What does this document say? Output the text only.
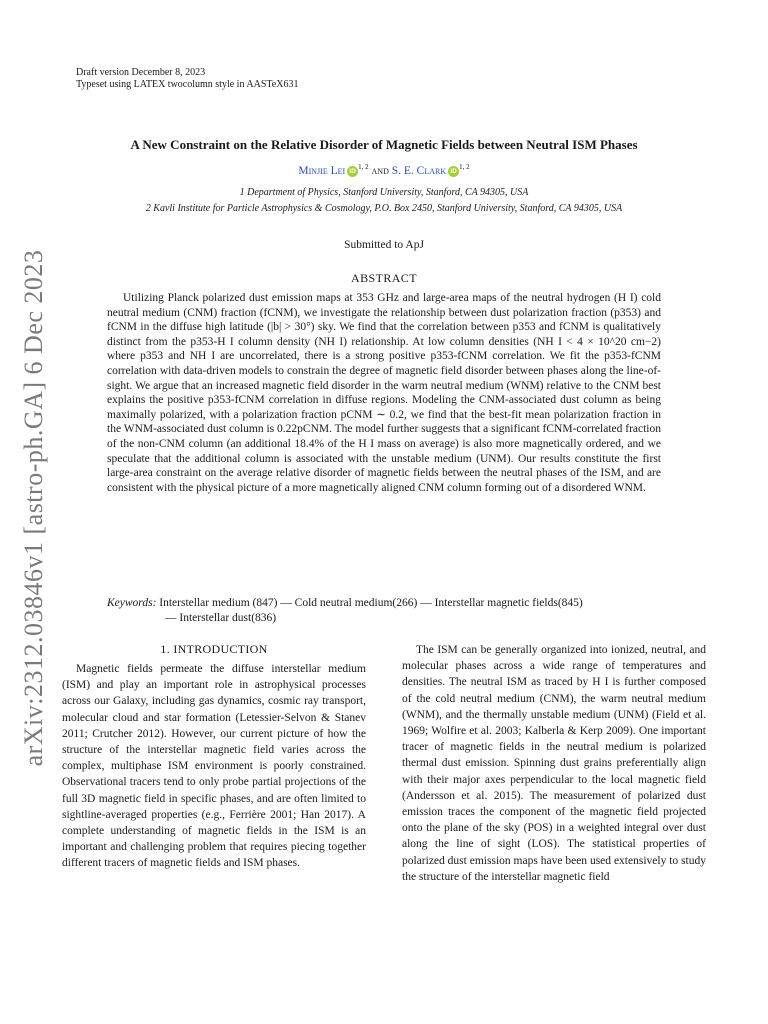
Draft version December 8, 2023
Typeset using LATEX twocolumn style in AASTeX631
arXiv:2312.03846v1 [astro-ph.GA] 6 Dec 2023
A New Constraint on the Relative Disorder of Magnetic Fields between Neutral ISM Phases
Minjie Lei iD$^{1, 2}$ and S. E. Clark iD$^{1, 2}$
1 Department of Physics, Stanford University, Stanford, CA 94305, USA
2 Kavli Institute for Particle Astrophysics & Cosmology, P.O. Box 2450, Stanford University, Stanford, CA 94305, USA
Submitted to ApJ
ABSTRACT

Utilizing Planck polarized dust emission maps at 353 GHz and large-area maps of the neutral hydrogen (H I) cold neutral medium (CNM) fraction (fCNM), we investigate the relationship between dust polarization fraction (p353) and fCNM in the diffuse high latitude (|b| > 30°) sky. We find that the correlation between p353 and fCNM is qualitatively distinct from the p353-H I column density (NH I) relationship. At low column densities (NH I < 4 × 10^20 cm−2) where p353 and NH I are uncorrelated, there is a strong positive p353-fCNM correlation. We fit the p353-fCNM correlation with data-driven models to constrain the degree of magnetic field disorder between phases along the line-of-sight. We argue that an increased magnetic field disorder in the warm neutral medium (WNM) relative to the CNM best explains the positive p353-fCNM correlation in diffuse regions. Modeling the CNM-associated dust column as being maximally polarized, with a polarization fraction pCNM ∼ 0.2, we find that the best-fit mean polarization fraction in the WNM-associated dust column is 0.22pCNM. The model further suggests that a significant fCNM-correlated fraction of the non-CNM column (an additional 18.4% of the H I mass on average) is also more magnetically ordered, and we speculate that the additional column is associated with the unstable medium (UNM). Our results constitute the first large-area constraint on the average relative disorder of magnetic fields between the neutral phases of the ISM, and are consistent with the physical picture of a more magnetically aligned CNM column forming out of a disordered WNM.

Keywords: Interstellar medium (847) — Cold neutral medium(266) — Interstellar magnetic fields(845)
— Interstellar dust(836)
1. INTRODUCTION

Magnetic fields permeate the diffuse interstellar medium (ISM) and play an important role in astrophysical processes across our Galaxy, including gas dynamics, cosmic ray transport, molecular cloud and star formation (Letessier-Selvon & Stanev 2011; Crutcher 2012). However, our current picture of how the structure of the interstellar magnetic field varies across the complex, multiphase ISM environment is poorly constrained. Observational tracers tend to only probe partial projections of the full 3D magnetic field in specific phases, and are often limited to sightline-averaged properties (e.g., Ferrière 2001; Han 2017). A complete understanding of magnetic fields in the ISM is an important and challenging problem that requires piecing together different tracers of magnetic fields and ISM phases.

The ISM can be generally organized into ionized, neutral, and molecular phases across a wide range of temperatures and densities. The neutral ISM as traced by H I is further composed of the cold neutral medium (CNM), the warm neutral medium (WNM), and the thermally unstable medium (UNM) (Field et al. 1969; Wolfire et al. 2003; Kalberla & Kerp 2009). One important tracer of magnetic fields in the neutral medium is polarized thermal dust emission. Spinning dust grains preferentially align with their major axes perpendicular to the local magnetic field (Andersson et al. 2015). The measurement of polarized dust emission traces the component of the magnetic field projected onto the plane of the sky (POS) in a weighted integral over dust along the line of sight (LOS). The statistical properties of polarized dust emission maps have been used extensively to study the structure of the interstellar magnetic field
